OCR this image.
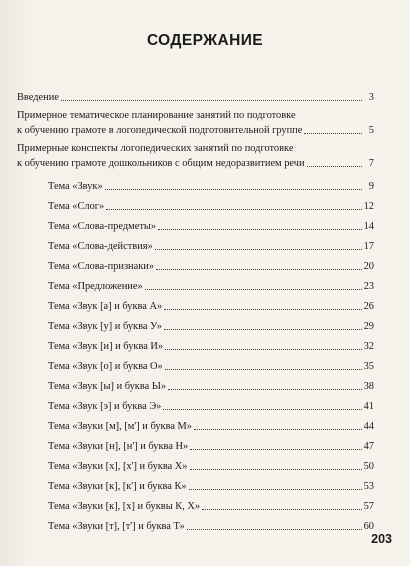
СОДЕРЖАНИЕ
Введение	3
Примерное тематическое планирование занятий по подготовке
к обучению грамоте в логопедической подготовительной группе	5
Примерные конспекты логопедических занятий по подготовке
к обучению грамоте дошкольников с общим недоразвитием речи	7
Тема «Звук»	9
Тема «Слог»	12
Тема «Слова-предметы»	14
Тема «Слова-действия»	17
Тема «Слова-признаки»	20
Тема «Предложение»	23
Тема «Звук [а] и буква А»	26
Тема «Звук [у] и буква У»	29
Тема «Звук [и] и буква И»	32
Тема «Звук [о] и буква О»	35
Тема «Звук [ы] и буква Ы»	38
Тема «Звук [э] и буква Э»	41
Тема «Звуки [м], [м'] и буква М»	44
Тема «Звуки [н], [н'] и буква Н»	47
Тема «Звуки [х], [х'] и буква Х»	50
Тема «Звуки [к], [к'] и буква К»	53
Тема «Звуки [к], [х] и буквы К, Х»	57
Тема «Звуки [т], [т'] и буква Т»	60
203
